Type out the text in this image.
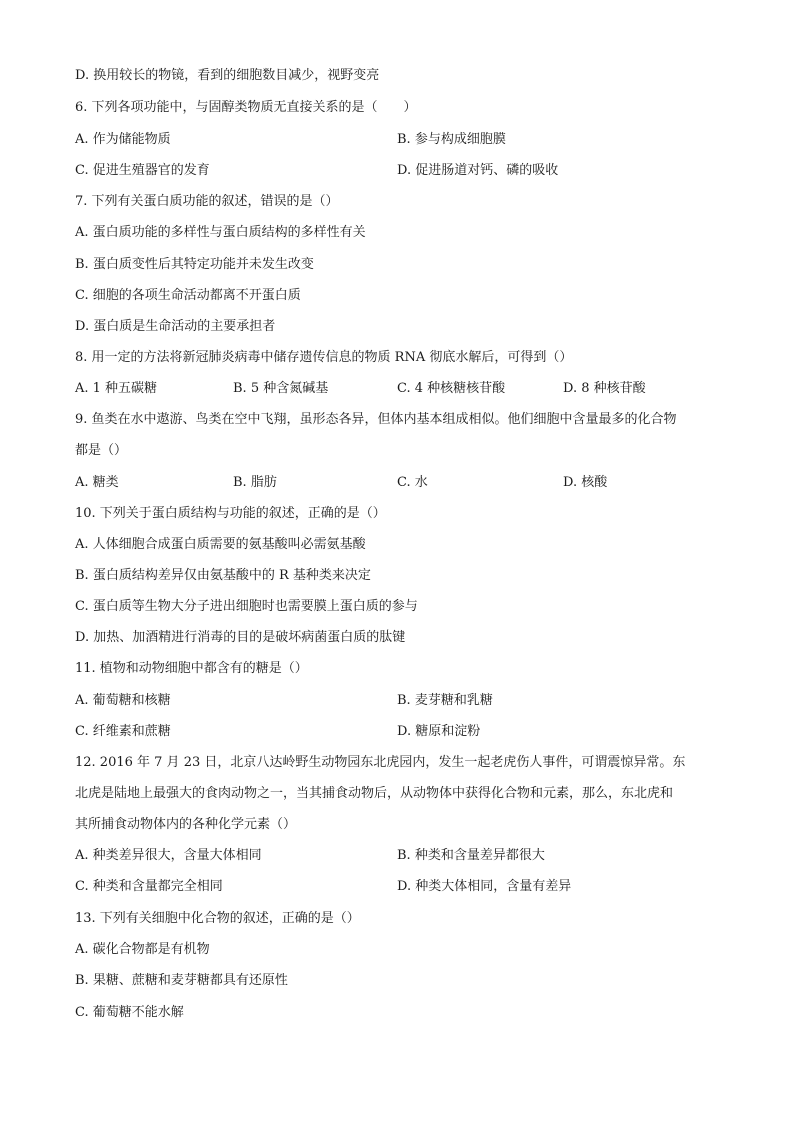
D. 换用较长的物镜，看到的细胞数目减少，视野变亮
6. 下列各项功能中，与固醇类物质无直接关系的是（　　）
A. 作为储能物质	B. 参与构成细胞膜
C. 促进生殖器官的发育	D. 促进肠道对钙、磷的吸收
7. 下列有关蛋白质功能的叙述，错误的是（）
A. 蛋白质功能的多样性与蛋白质结构的多样性有关
B. 蛋白质变性后其特定功能并未发生改变
C. 细胞的各项生命活动都离不开蛋白质
D. 蛋白质是生命活动的主要承担者
8. 用一定的方法将新冠肺炎病毒中储存遗传信息的物质 RNA 彻底水解后，可得到（）
A. 1 种五碳糖	B. 5 种含氮碱基	C. 4 种核糖核苷酸	D. 8 种核苷酸
9. 鱼类在水中遨游、鸟类在空中飞翔，虽形态各异，但体内基本组成相似。他们细胞中含量最多的化合物
都是（）
A. 糖类	B. 脂肪	C. 水	D. 核酸
10. 下列关于蛋白质结构与功能的叙述，正确的是（）
A. 人体细胞合成蛋白质需要的氨基酸叫必需氨基酸
B. 蛋白质结构差异仅由氨基酸中的 R 基种类来决定
C. 蛋白质等生物大分子进出细胞时也需要膜上蛋白质的参与
D. 加热、加酒精进行消毒的目的是破坏病菌蛋白质的肽键
11. 植物和动物细胞中都含有的糖是（）
A. 葡萄糖和核糖	B. 麦芽糖和乳糖
C. 纤维素和蔗糖	D. 糖原和淀粉
12. 2016 年 7 月 23 日，北京八达岭野生动物园东北虎园内，发生一起老虎伤人事件，可谓震惊异常。东
北虎是陆地上最强大的食肉动物之一，当其捕食动物后，从动物体中获得化合物和元素，那么，东北虎和
其所捕食动物体内的各种化学元素（）
A. 种类差异很大，含量大体相同	B. 种类和含量差异都很大
C. 种类和含量都完全相同	D. 种类大体相同，含量有差异
13. 下列有关细胞中化合物的叙述，正确的是（）
A. 碳化合物都是有机物
B. 果糖、蔗糖和麦芽糖都具有还原性
C. 葡萄糖不能水解
